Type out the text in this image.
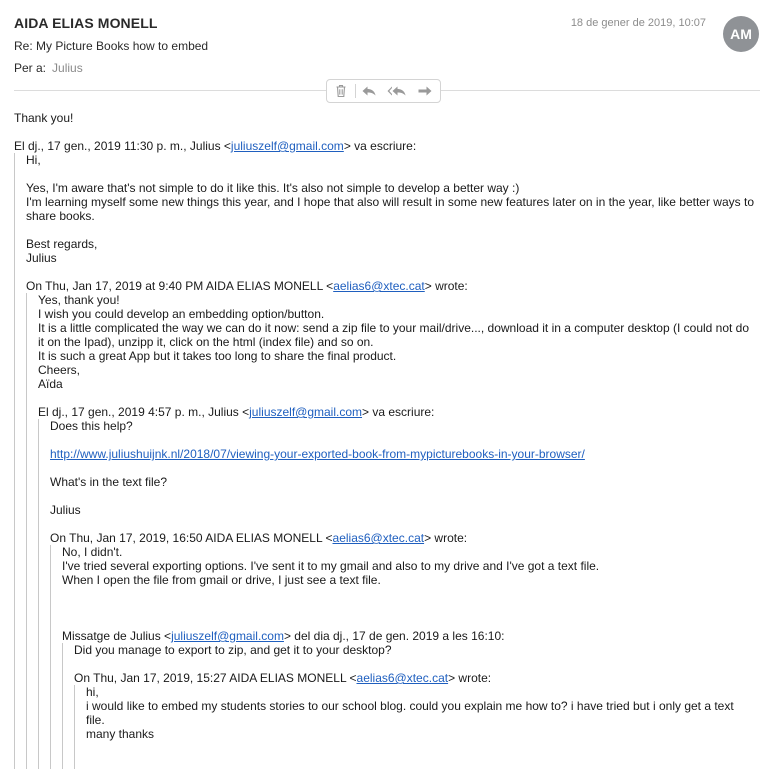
AIDA ELIAS MONELL
Re: My Picture Books how to embed
Per a: Julius
18 de gener de 2019, 10:07
AM
Thank you!
El dj., 17 gen., 2019 11:30 p. m., Julius <juliuszelf@gmail.com> va escriure:
Hi,
Yes, I'm aware that's not simple to do it like this. It's also not simple to develop a better way :)
I'm learning myself some new things this year, and I hope that also will result in some new features later on in the year, like better ways to share books.
Best regards,
Julius
On Thu, Jan 17, 2019 at 9:40 PM AIDA ELIAS MONELL <aelias6@xtec.cat> wrote:
Yes, thank you!
I wish you could develop an embedding option/button.
It is a little complicated the way we can do it now: send a zip file to your mail/drive..., download it in a computer desktop (I could not do it on the Ipad), unzipp it, click on the html (index file) and so on.
It is such a great App but it takes too long to share the final product.
Cheers,
Aïda
El dj., 17 gen., 2019 4:57 p. m., Julius <juliuszelf@gmail.com> va escriure:
Does this help?
http://www.juliushuijnk.nl/2018/07/viewing-your-exported-book-from-mypicturebooks-in-your-browser/
What's in the text file?
Julius
On Thu, Jan 17, 2019, 16:50 AIDA ELIAS MONELL <aelias6@xtec.cat> wrote:
No, I didn't.
I've tried several exporting options. I've sent it to my gmail and also to my drive and I've got a text file.
When I open the file from gmail or drive, I just see a text file.
Missatge de Julius <juliuszelf@gmail.com> del dia dj., 17 de gen. 2019 a les 16:10:
Did you manage to export to zip, and get it to your desktop?
On Thu, Jan 17, 2019, 15:27 AIDA ELIAS MONELL <aelias6@xtec.cat> wrote:
hi,
i would like to embed my students stories to our school blog. could you explain me how to? i have tried but i only get a text file.
many thanks
